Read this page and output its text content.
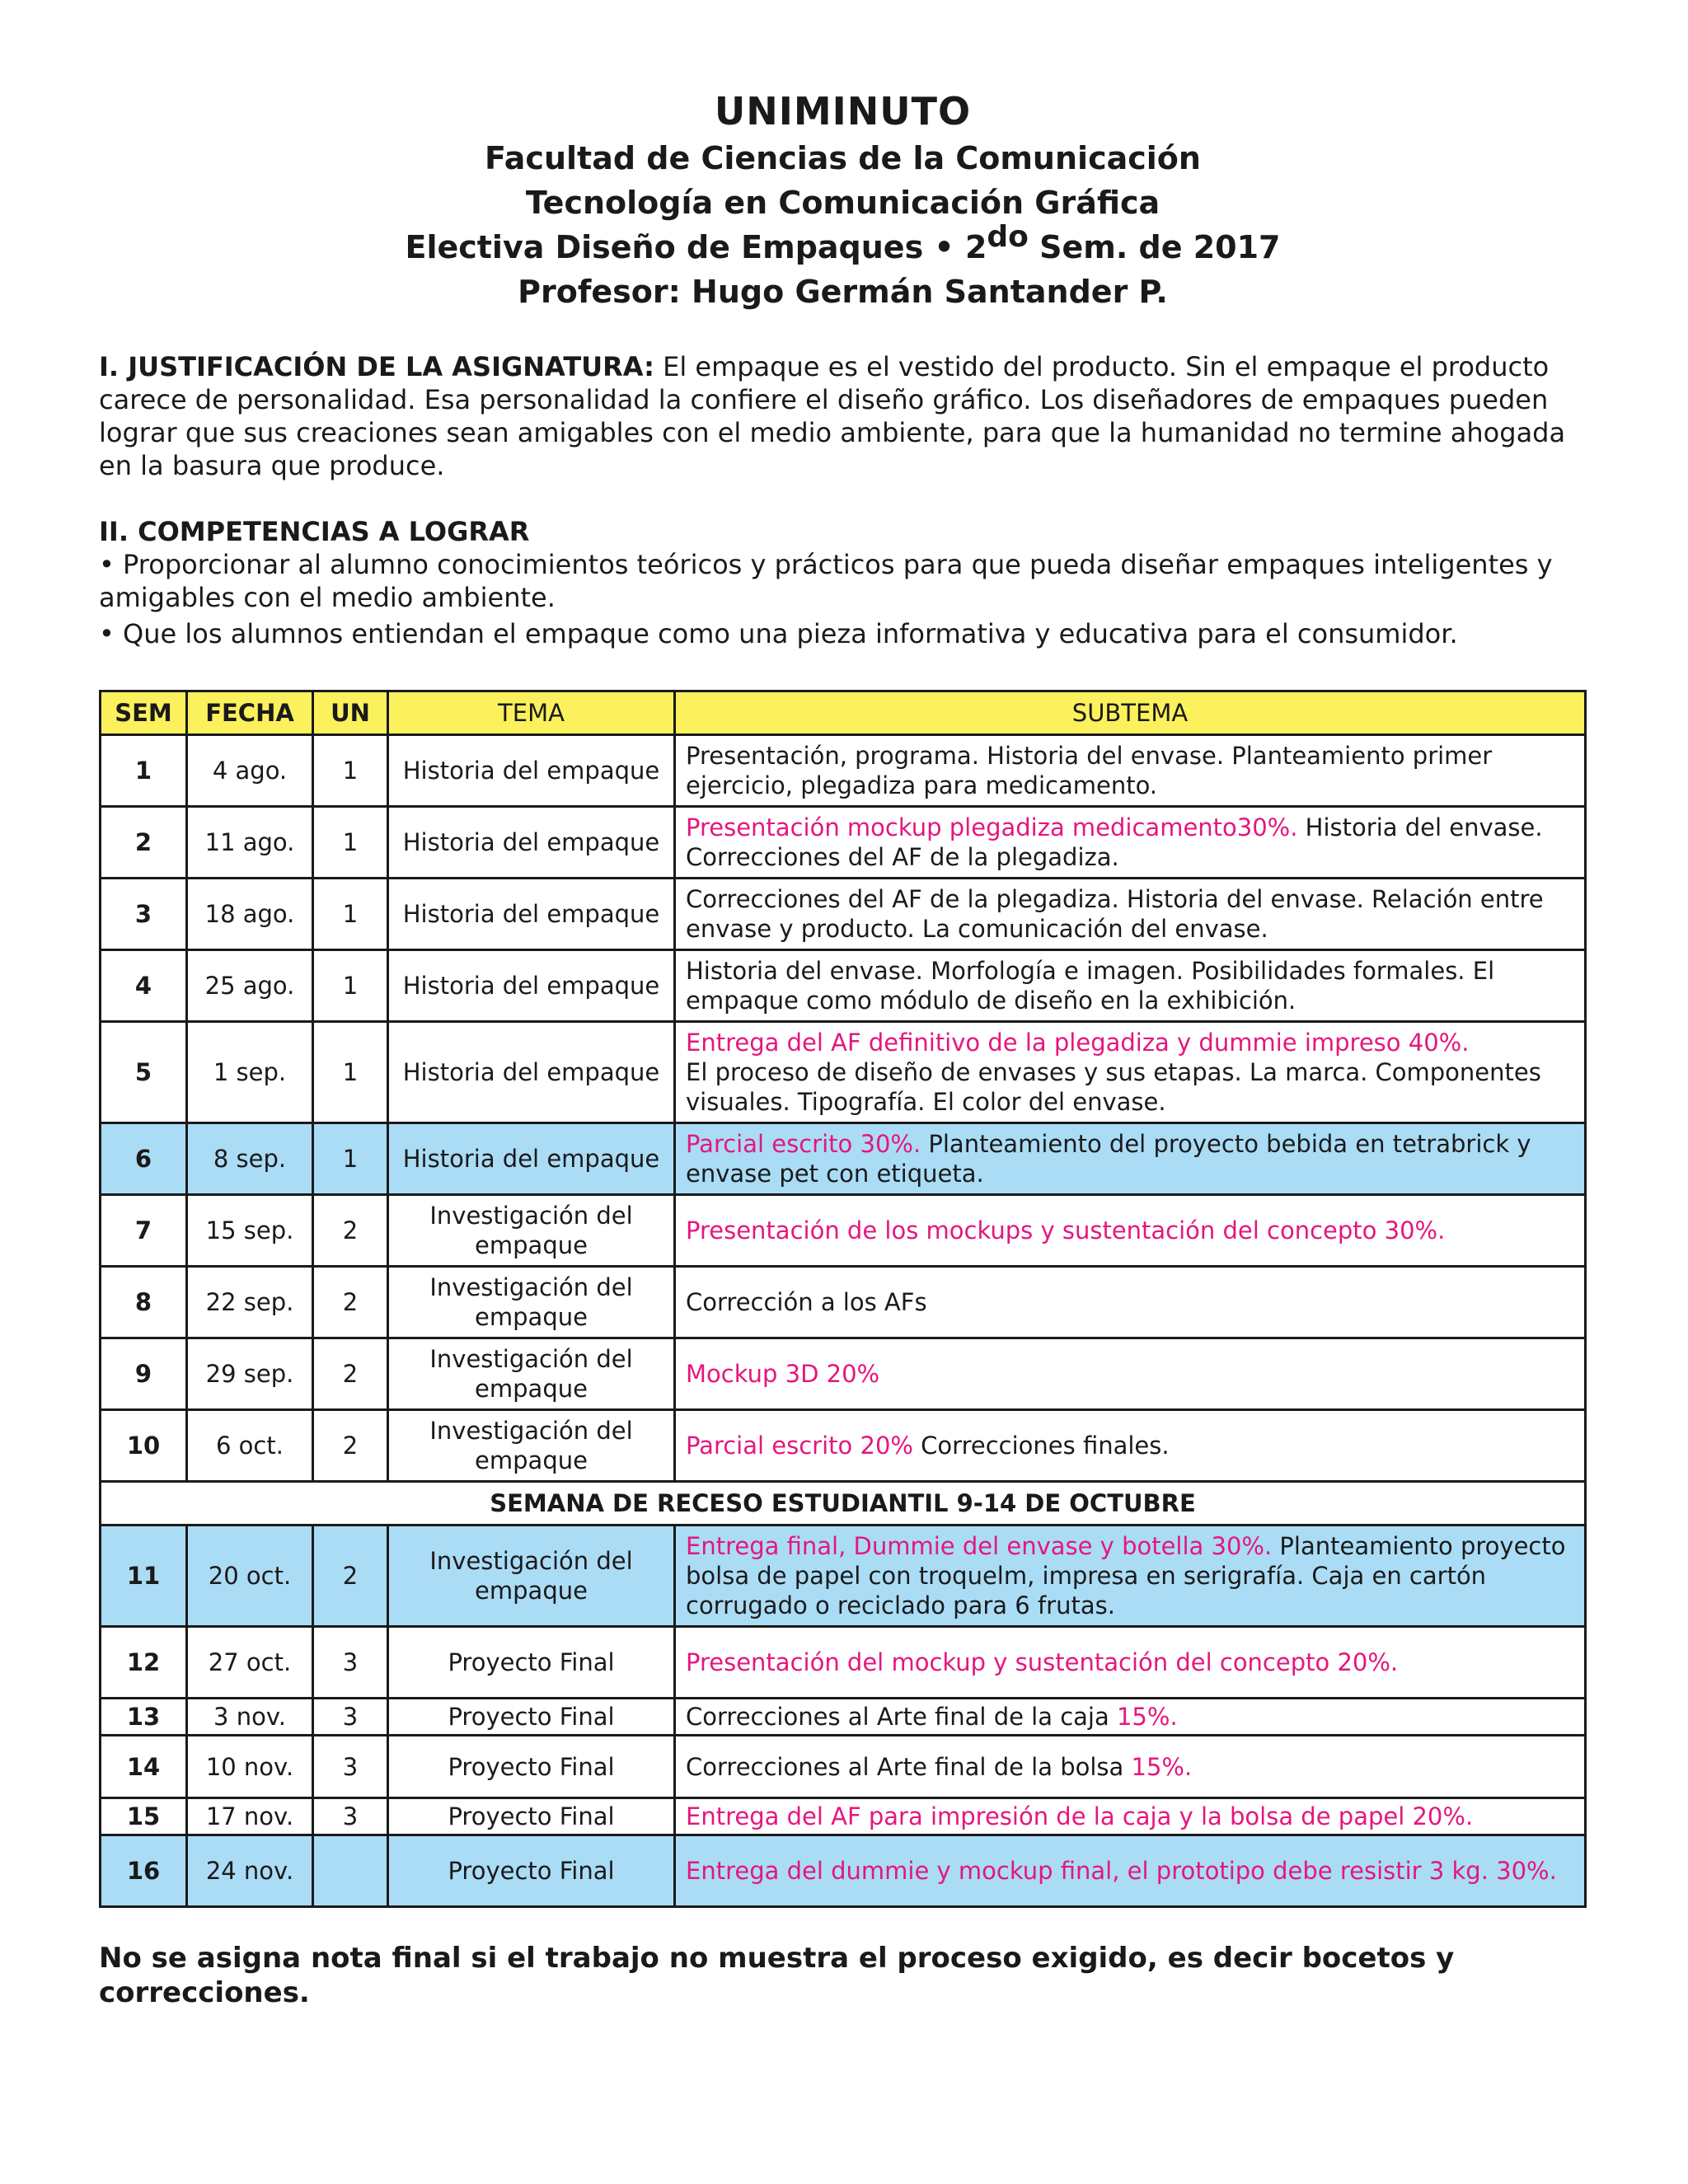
UNIMINUTO
Facultad de Ciencias de la Comunicación
Tecnología en Comunicación Gráfica
Electiva Diseño de Empaques • $2^{do}$ Sem. de 2017
Profesor: Hugo Germán Santander P.
I. JUSTIFICACIÓN DE LA ASIGNATURA: El empaque es el vestido del producto. Sin el empaque el producto carece de personalidad. Esa personalidad la confiere el diseño gráfico. Los diseñadores de empaques pueden lograr que sus creaciones sean amigables con el medio ambiente, para que la humanidad no termine ahogada en la basura que produce.
II. COMPETENCIAS A LOGRAR

• Proporcionar al alumno conocimientos teóricos y prácticos para que pueda diseñar empaques inteligentes y amigables con el medio ambiente.

• Que los alumnos entiendan el empaque como una pieza informativa y educativa para el consumidor.

SEM	FECHA	UN	TEMA	SUBTEMA
1	4 ago.	1	Historia del empaque	Presentación, programa. Historia del envase. Planteamiento primer ejercicio, plegadiza para medicamento.
2	11 ago.	1	Historia del empaque	Presentación mockup plegadiza medicamento30%. Historia del envase. Correcciones del AF de la plegadiza.
3	18 ago.	1	Historia del empaque	Correcciones del AF de la plegadiza. Historia del envase. Relación entre envase y producto. La comunicación del envase.
4	25 ago.	1	Historia del empaque	Historia del envase. Morfología e imagen. Posibilidades formales. El empaque como módulo de diseño en la exhibición.
5	1 sep.	1	Historia del empaque	Entrega del AF definitivo de la plegadiza y dummie impreso 40%.
El proceso de diseño de envases y sus etapas. La marca. Componentes visuales. Tipografía. El color del envase.

6	8 sep.	1	Historia del empaque	Parcial escrito 30%. Planteamiento del proyecto bebida en tetrabrick y envase pet con etiqueta.
7	15 sep.	2	Investigación del empaque	Presentación de los mockups y sustentación del concepto 30%.
8	22 sep.	2	Investigación del empaque	Corrección a los AFs
9	29 sep.	2	Investigación del empaque	Mockup 3D 20%
10	6 oct.	2	Investigación del empaque	Parcial escrito 20% Correcciones finales.
SEMANA DE RECESO ESTUDIANTIL 9-14 DE OCTUBRE				
11	20 oct.	2	Investigación del empaque	Entrega final, Dummie del envase y botella 30%. Planteamiento proyecto bolsa de papel con troquelm, impresa en serigrafía. Caja en cartón corrugado o reciclado para 6 frutas.
12	27 oct.	3	Proyecto Final	Presentación del mockup y sustentación del concepto 20%.
13	3 nov.	3	Proyecto Final	Correcciones al Arte final de la caja 15%.
14	10 nov.	3	Proyecto Final	Correcciones al Arte final de la bolsa 15%.
15	17 nov.	3	Proyecto Final	Entrega del AF para impresión de la caja y la bolsa de papel 20%.
16	24 nov.		Proyecto Final	Entrega del dummie y mockup final, el prototipo debe resistir 3 kg. 30%.
No se asigna nota final si el trabajo no muestra el proceso exigido, es decir bocetos y correcciones.
